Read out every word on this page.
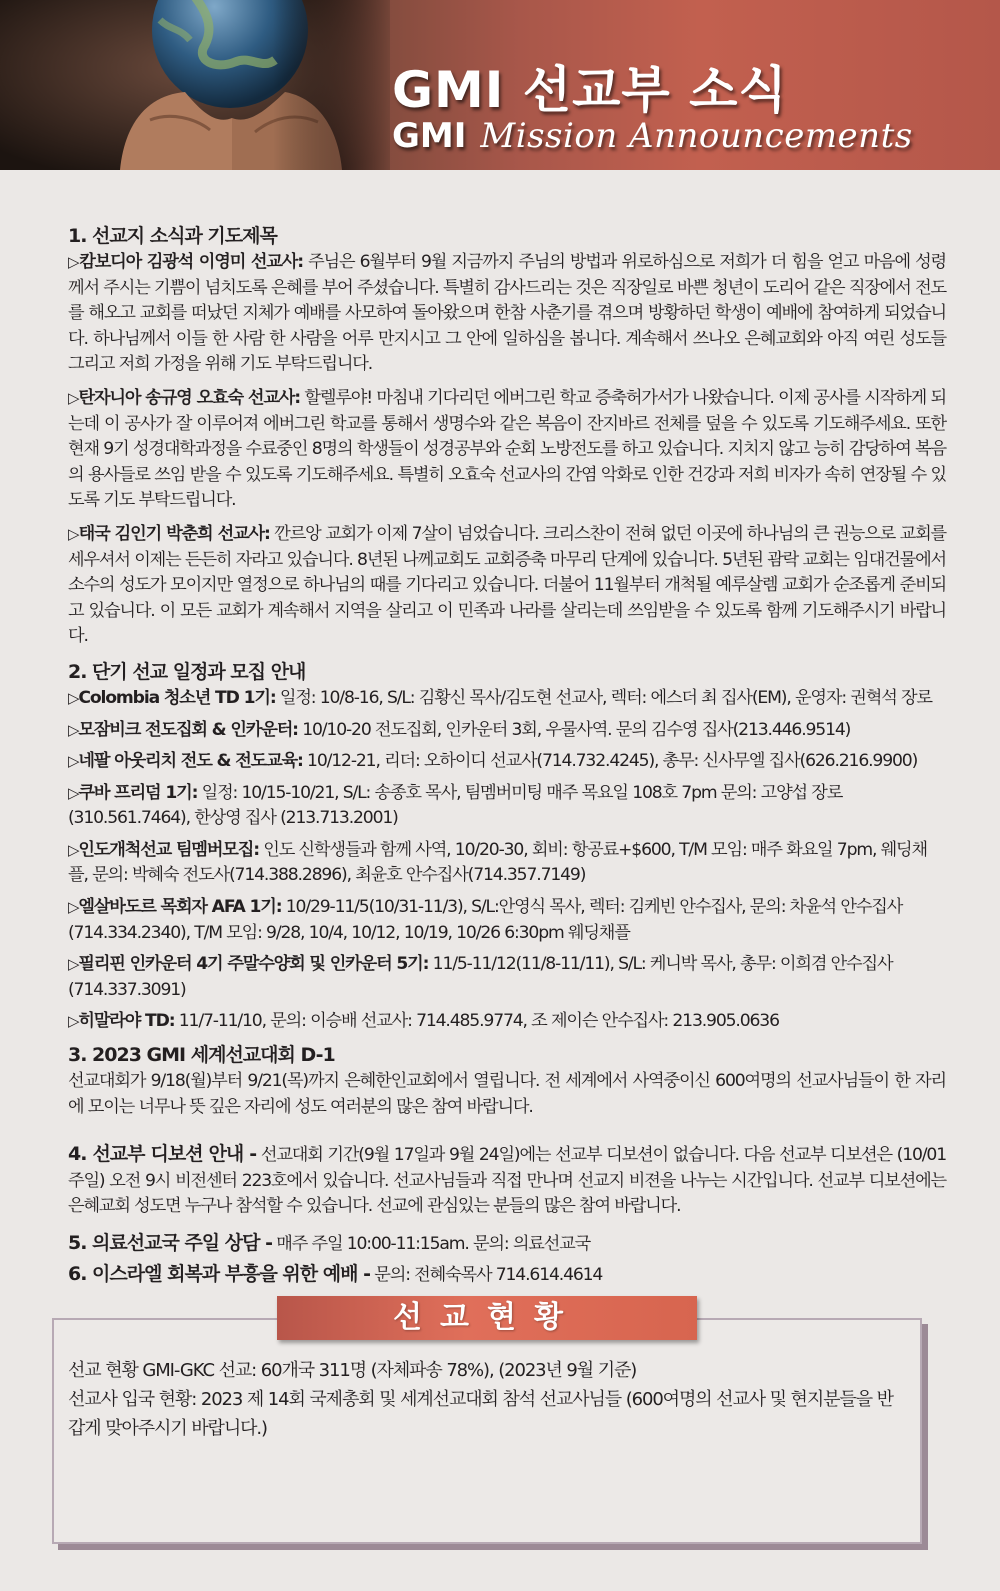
GMI 선교부 소식
GMI Mission Announcements
1. 선교지 소식과 기도제목

▷캄보디아 김광석 이영미 선교사: 주님은 6월부터 9월 지금까지 주님의 방법과 위로하심으로 저희가 더 힘을 얻고 마음에 성령께서 주시는 기쁨이 넘치도록 은혜를 부어 주셨습니다. 특별히 감사드리는 것은 직장일로 바쁜 청년이 도리어 같은 직장에서 전도를 해오고 교회를 떠났던 지체가 예배를 사모하여 돌아왔으며 한참 사춘기를 겪으며 방황하던 학생이 예배에 참여하게 되었습니다. 하나님께서 이들 한 사람 한 사람을 어루 만지시고 그 안에 일하심을 봅니다. 계속해서 쓰나오 은혜교회와 아직 여린 성도들 그리고 저희 가정을 위해 기도 부탁드립니다.

▷탄자니아 송규영 오효숙 선교사: 할렐루야! 마침내 기다리던 에버그린 학교 증축허가서가 나왔습니다. 이제 공사를 시작하게 되는데 이 공사가 잘 이루어져 에버그린 학교를 통해서 생명수와 같은 복음이 잔지바르 전체를 덮을 수 있도록 기도해주세요. 또한 현재 9기 성경대학과정을 수료중인 8명의 학생들이 성경공부와 순회 노방전도를 하고 있습니다. 지치지 않고 능히 감당하여 복음의 용사들로 쓰임 받을 수 있도록 기도해주세요. 특별히 오효숙 선교사의 간염 악화로 인한 건강과 저희 비자가 속히 연장될 수 있도록 기도 부탁드립니다.

▷태국 김인기 박춘희 선교사: 깐르앙 교회가 이제 7살이 넘었습니다. 크리스찬이 전혀 없던 이곳에 하나님의 큰 권능으로 교회를 세우셔서 이제는 든든히 자라고 있습니다. 8년된 나께교회도 교회증축 마무리 단계에 있습니다. 5년된 괌락 교회는 임대건물에서 소수의 성도가 모이지만 열정으로 하나님의 때를 기다리고 있습니다. 더불어 11월부터 개척될 예루살렘 교회가 순조롭게 준비되고 있습니다. 이 모든 교회가 계속해서 지역을 살리고 이 민족과 나라를 살리는데 쓰임받을 수 있도록 함께 기도해주시기 바랍니다.

2. 단기 선교 일정과 모집 안내

▷Colombia 청소년 TD 1기: 일정: 10/8-16, S/L: 김황신 목사/김도현 선교사, 렉터: 에스더 최 집사(EM), 운영자: 권혁석 장로

▷모잠비크 전도집회 & 인카운터: 10/10-20 전도집회, 인카운터 3회, 우물사역. 문의 김수영 집사(213.446.9514)

▷네팔 아웃리치 전도 & 전도교육: 10/12-21, 리더: 오하이디 선교사(714.732.4245), 총무: 신사무엘 집사(626.216.9900)

▷쿠바 프리덤 1기: 일정: 10/15-10/21, S/L: 송종호 목사, 팀멤버미팅 매주 목요일 108호 7pm 문의: 고양섭 장로(310.561.7464), 한상영 집사 (213.713.2001)

▷인도개척선교 팀멤버모집: 인도 신학생들과 함께 사역, 10/20-30, 회비: 항공료+$600, T/M 모임: 매주 화요일 7pm, 웨딩채플, 문의: 박혜숙 전도사(714.388.2896), 최윤호 안수집사(714.357.7149)

▷엘살바도르 목회자 AFA 1기: 10/29-11/5(10/31-11/3), S/L:안영식 목사, 렉터: 김케빈 안수집사, 문의: 차윤석 안수집사(714.334.2340), T/M 모임: 9/28, 10/4, 10/12, 10/19, 10/26 6:30pm 웨딩채플

▷필리핀 인카운터 4기 주말수양회 및 인카운터 5기: 11/5-11/12(11/8-11/11), S/L: 케니박 목사, 총무: 이희겸 안수집사(714.337.3091)

▷히말라야 TD: 11/7-11/10, 문의: 이승배 선교사: 714.485.9774, 조 제이슨 안수집사: 213.905.0636

3. 2023 GMI 세계선교대회 D-1

선교대회가 9/18(월)부터 9/21(목)까지 은혜한인교회에서 열립니다. 전 세계에서 사역중이신 600여명의 선교사님들이 한 자리에 모이는 너무나 뜻 깊은 자리에 성도 여러분의 많은 참여 바랍니다.

4. 선교부 디보션 안내 - 선교대회 기간(9월 17일과 9월 24일)에는 선교부 디보션이 없습니다. 다음 선교부 디보션은 (10/01 주일) 오전 9시 비전센터 223호에서 있습니다. 선교사님들과 직접 만나며 선교지 비젼을 나누는 시간입니다. 선교부 디보션에는 은혜교회 성도면 누구나 참석할 수 있습니다. 선교에 관심있는 분들의 많은 참여 바랍니다.

5. 의료선교국 주일 상담 - 매주 주일 10:00-11:15am. 문의: 의료선교국

6. 이스라엘 회복과 부흥을 위한 예배 - 문의: 전혜숙목사 714.614.4614

선교현황

선교 현황 GMI-GKC 선교: 60개국 311명 (자체파송 78%), (2023년 9월 기준)

선교사 입국 현황: 2023 제 14회 국제총회 및 세계선교대회 참석 선교사님들 (600여명의 선교사 및 현지분들을 반갑게 맞아주시기 바랍니다.)
